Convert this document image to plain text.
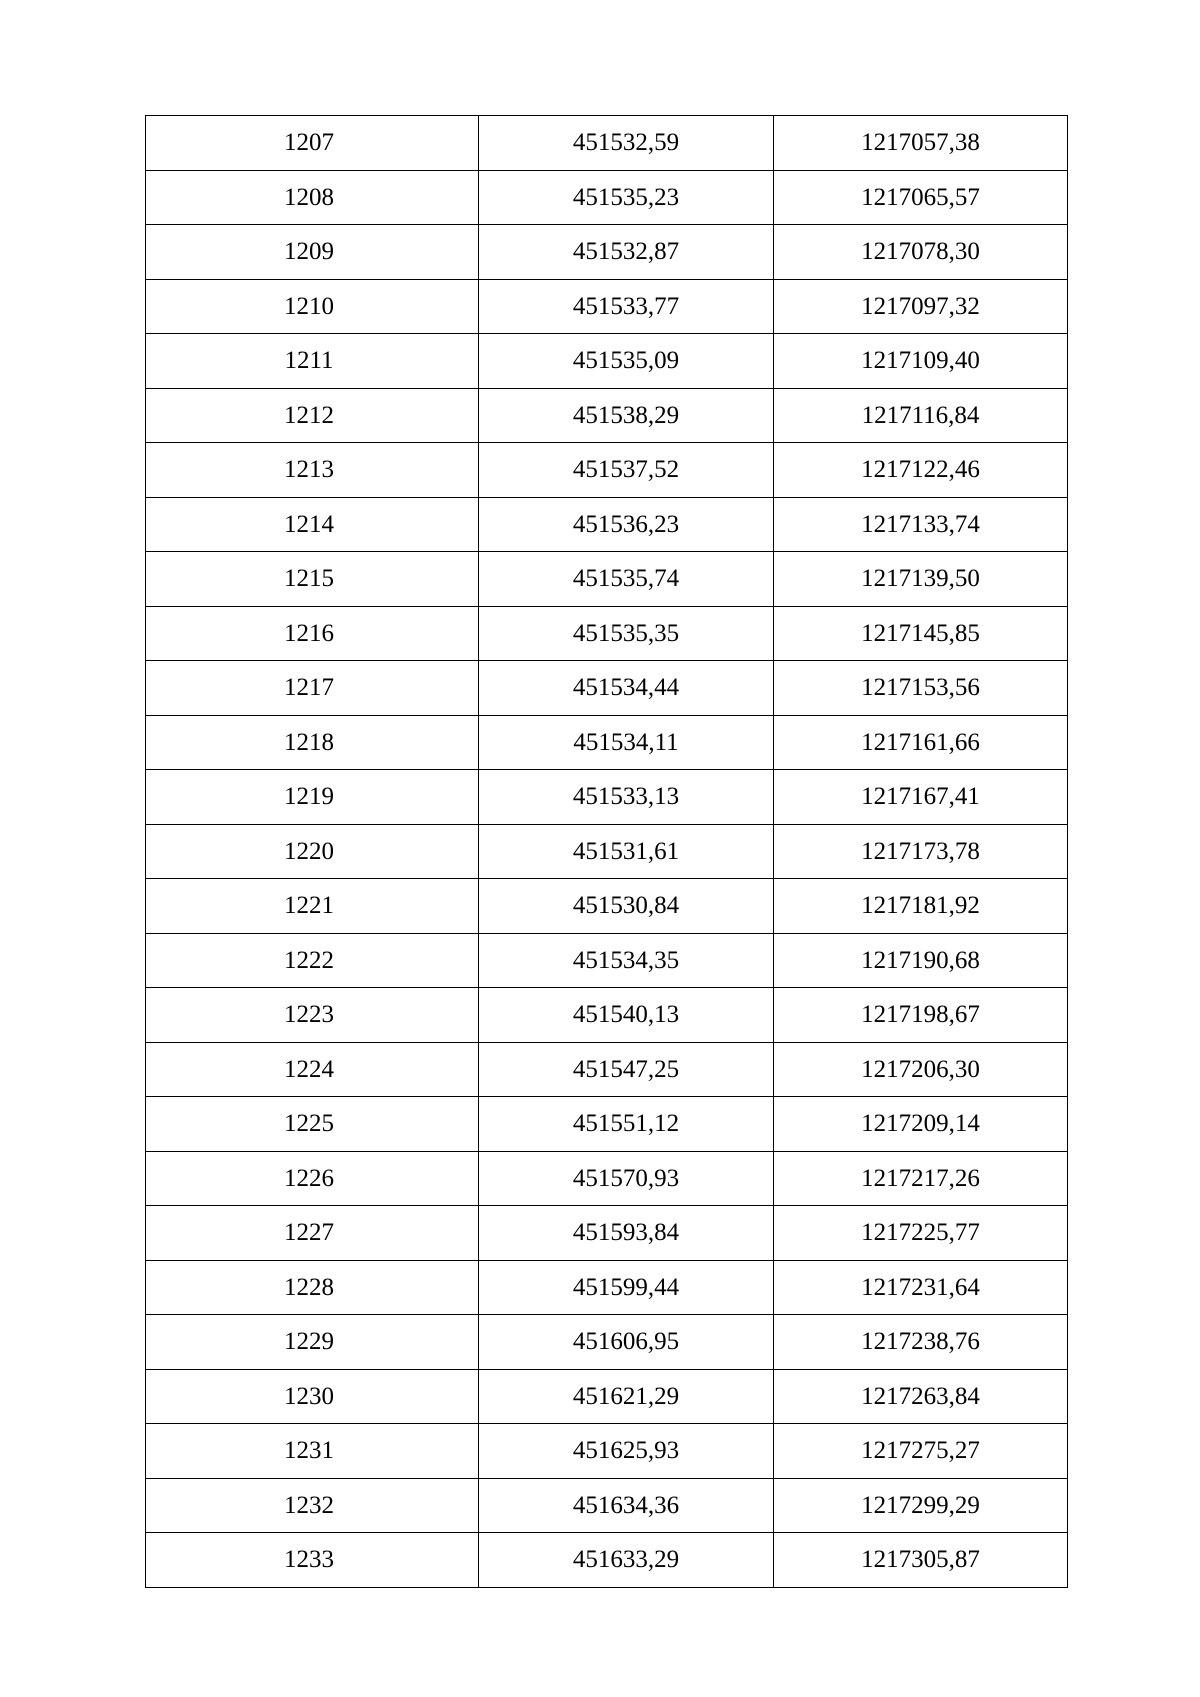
1207	451532,59	1217057,38
1208	451535,23	1217065,57
1209	451532,87	1217078,30
1210	451533,77	1217097,32
1211	451535,09	1217109,40
1212	451538,29	1217116,84
1213	451537,52	1217122,46
1214	451536,23	1217133,74
1215	451535,74	1217139,50
1216	451535,35	1217145,85
1217	451534,44	1217153,56
1218	451534,11	1217161,66
1219	451533,13	1217167,41
1220	451531,61	1217173,78
1221	451530,84	1217181,92
1222	451534,35	1217190,68
1223	451540,13	1217198,67
1224	451547,25	1217206,30
1225	451551,12	1217209,14
1226	451570,93	1217217,26
1227	451593,84	1217225,77
1228	451599,44	1217231,64
1229	451606,95	1217238,76
1230	451621,29	1217263,84
1231	451625,93	1217275,27
1232	451634,36	1217299,29
1233	451633,29	1217305,87
